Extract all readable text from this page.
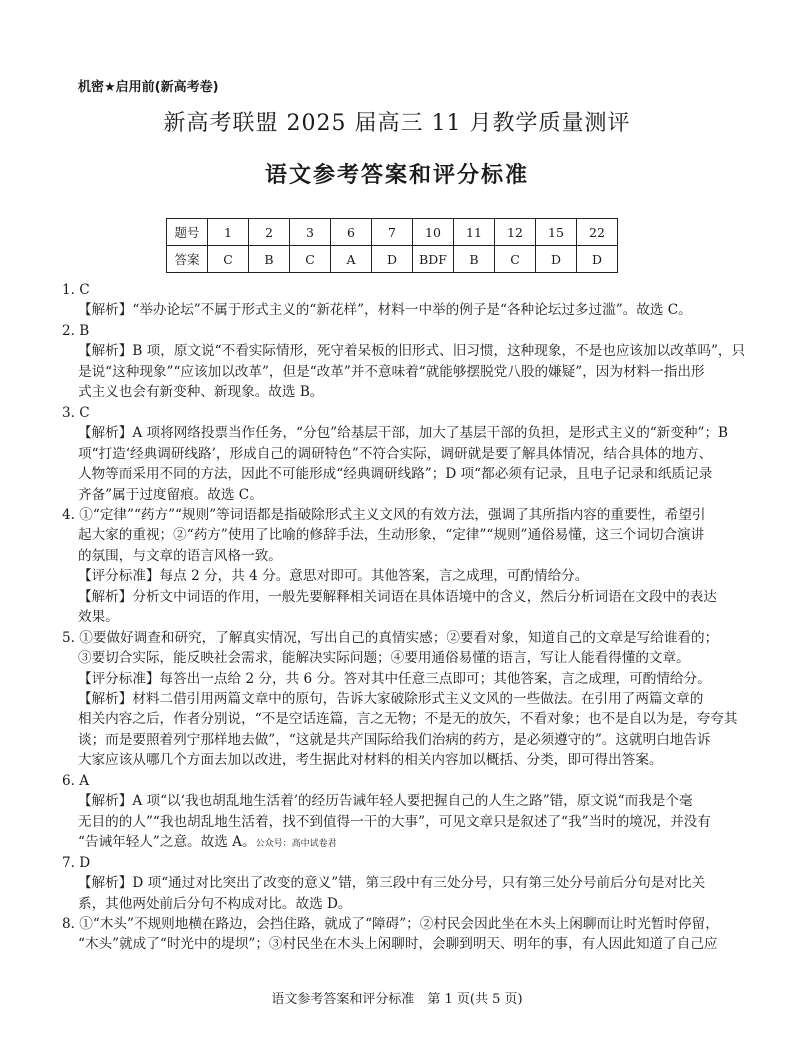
机密★启用前(新高考卷)
新高考联盟 2025 届高三 11 月教学质量测评
语文参考答案和评分标准
题号	1	2	3	6	7	10	11	12	15	22
答案	C	B	C	A	D	BDF	B	C	D	D
1. C
【解析】“举办论坛”不属于形式主义的“新花样”，材料一中举的例子是“各种论坛过多过滥”。故选 C。
2. B
【解析】B 项，原文说“不看实际情形，死守着呆板的旧形式、旧习惯，这种现象，不是也应该加以改革吗”，只
是说“这种现象”“应该加以改革”，但是“改革”并不意味着“就能够摆脱党八股的嫌疑”，因为材料一指出形
式主义也会有新变种、新现象。故选 B。
3. C
【解析】A 项将网络投票当作任务，“分包”给基层干部，加大了基层干部的负担，是形式主义的“新变种”；B
项“打造‘经典调研线路’，形成自己的调研特色”不符合实际，调研就是要了解具体情况，结合具体的地方、
人物等而采用不同的方法，因此不可能形成“经典调研线路”；D 项“都必须有记录，且电子记录和纸质记录
齐备”属于过度留痕。故选 C。
4. ①“定律”“药方”“规则”等词语都是指破除形式主义文风的有效方法，强调了其所指内容的重要性，希望引
起大家的重视；②“药方”使用了比喻的修辞手法，生动形象，“定律”“规则”通俗易懂，这三个词切合演讲
的氛围，与文章的语言风格一致。
【评分标准】每点 2 分，共 4 分。意思对即可。其他答案，言之成理，可酌情给分。
【解析】分析文中词语的作用，一般先要解释相关词语在具体语境中的含义，然后分析词语在文段中的表达
效果。
5. ①要做好调查和研究，了解真实情况，写出自己的真情实感；②要看对象，知道自己的文章是写给谁看的；
③要切合实际，能反映社会需求，能解决实际问题；④要用通俗易懂的语言，写让人能看得懂的文章。
【评分标准】每答出一点给 2 分，共 6 分。答对其中任意三点即可；其他答案，言之成理，可酌情给分。
【解析】材料二借引用两篇文章中的原句，告诉大家破除形式主义文风的一些做法。在引用了两篇文章的
相关内容之后，作者分别说，“不是空话连篇，言之无物；不是无的放矢，不看对象；也不是自以为是，夸夸其
谈；而是要照着列宁那样地去做”，“这就是共产国际给我们治病的药方，是必须遵守的”。这就明白地告诉
大家应该从哪几个方面去加以改进，考生据此对材料的相关内容加以概括、分类，即可得出答案。
6. A
【解析】A 项“以‘我也胡乱地生活着’的经历告诫年轻人要把握自己的人生之路”错，原文说“而我是个毫
无目的的人”“我也胡乱地生活着，找不到值得一干的大事”，可见文章只是叙述了“我”当时的境况，并没有
“告诫年轻人”之意。故选 A。公众号：高中试卷君
7. D
【解析】D 项“通过对比突出了改变的意义”错，第三段中有三处分号，只有第三处分号前后分句是对比关
系，其他两处前后分句不构成对比。故选 D。
8. ①“木头”不规则地横在路边，会挡住路，就成了“障碍”；②村民会因此坐在木头上闲聊而让时光暂时停留，
“木头”就成了“时光中的堤坝”；③村民坐在木头上闲聊时，会聊到明天、明年的事，有人因此知道了自己应
语文参考答案和评分标准　第 1 页(共 5 页)
